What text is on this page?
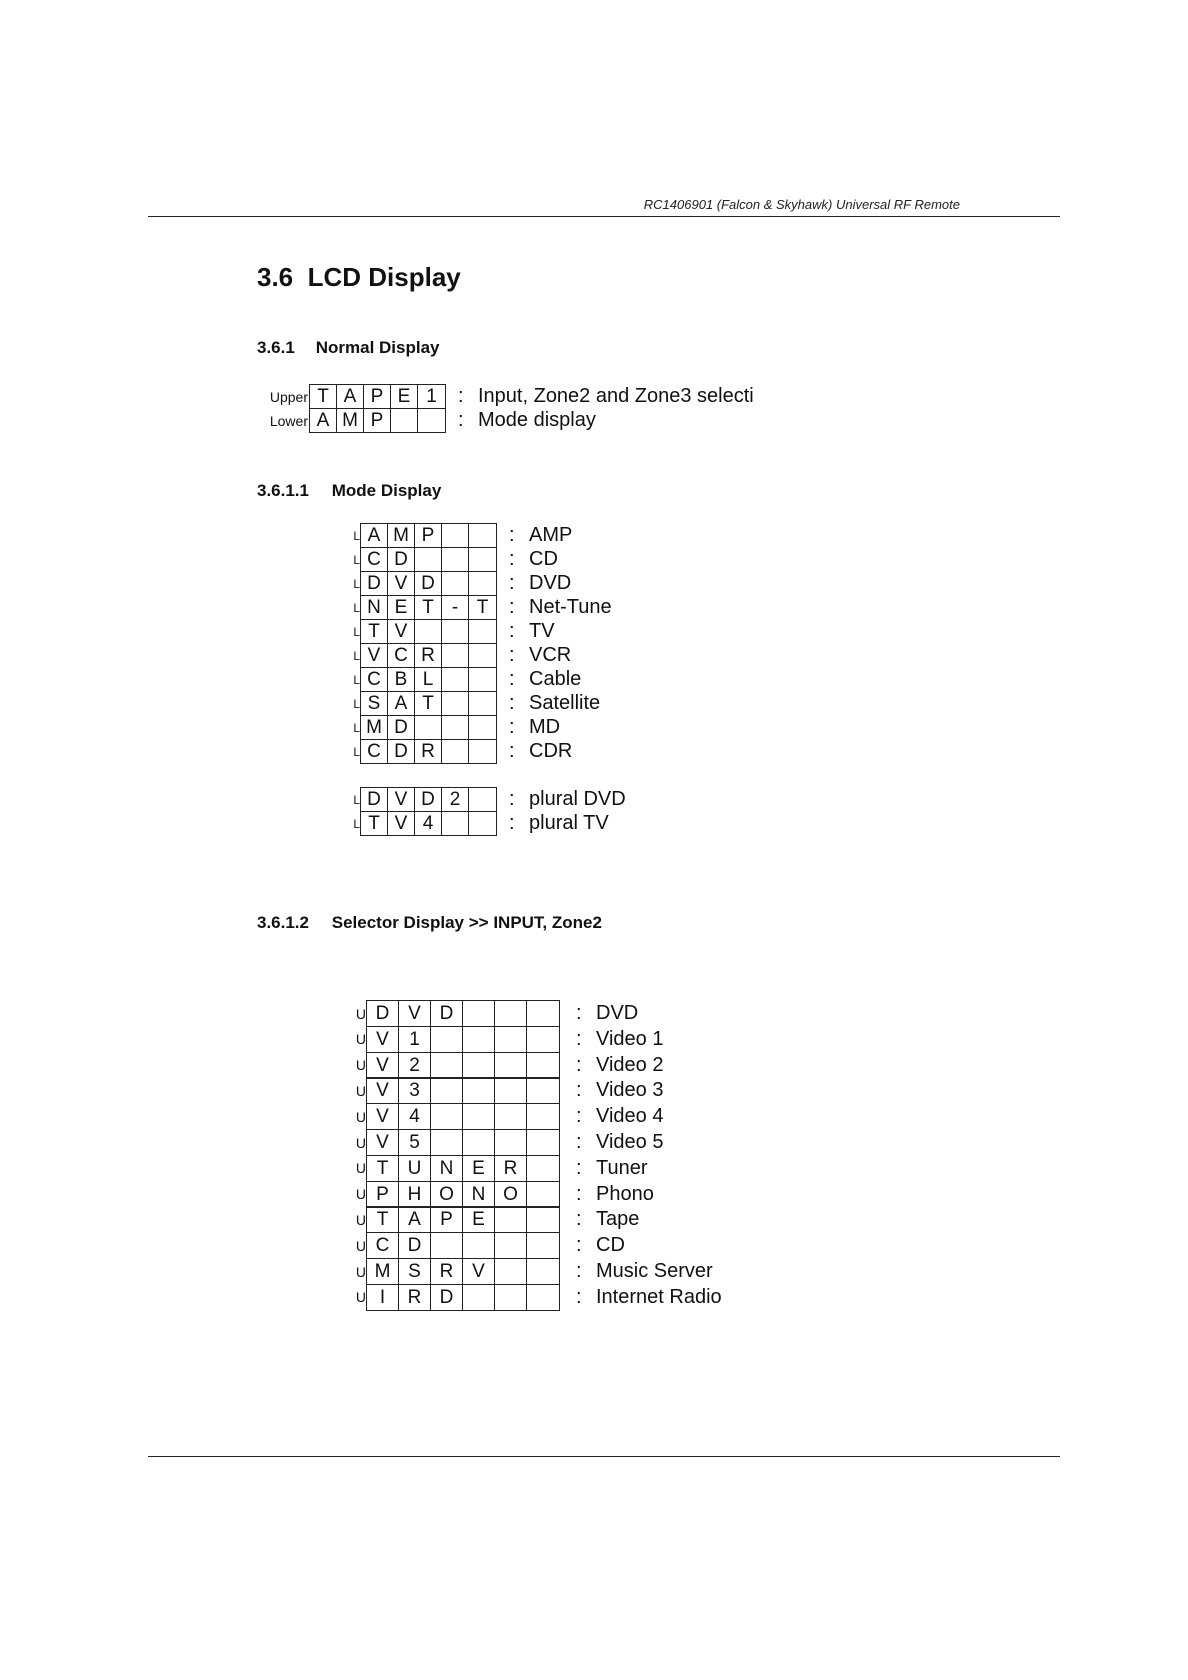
RC1406901 (Falcon & Skyhawk) Universal RF Remote
3.6 LCD Display
3.6.1 Normal Display
Upper T A P E 1	: Input, Zone2 and Zone3 selecti
Lower A M P	: Mode display
3.6.1.1 Mode Display
L A M P	: AMP
L C D	: CD
L D V D	: DVD
L N E T - T	: Net-Tune
L T V	: TV
L V C R	: VCR
L C B L	: Cable
L S A T	: Satellite
L M D	: MD
L C D R	: CDR
L D V D 2	: plural DVD
L T V 4	: plural TV
3.6.1.2 Selector Display >> INPUT, Zone2
U D V D	: DVD
U V	1	: Video 1
U V	2	: Video 2
U V	3	: Video 3
U V	4	: Video 4
U V	5	: Video 5
U T	U N E R	: Tuner
U P H O N O	: Phono
U T	A	P	E	: Tape
U C D	: CD
U M S R V	: Music Server
U I	R D	: Internet Radio
